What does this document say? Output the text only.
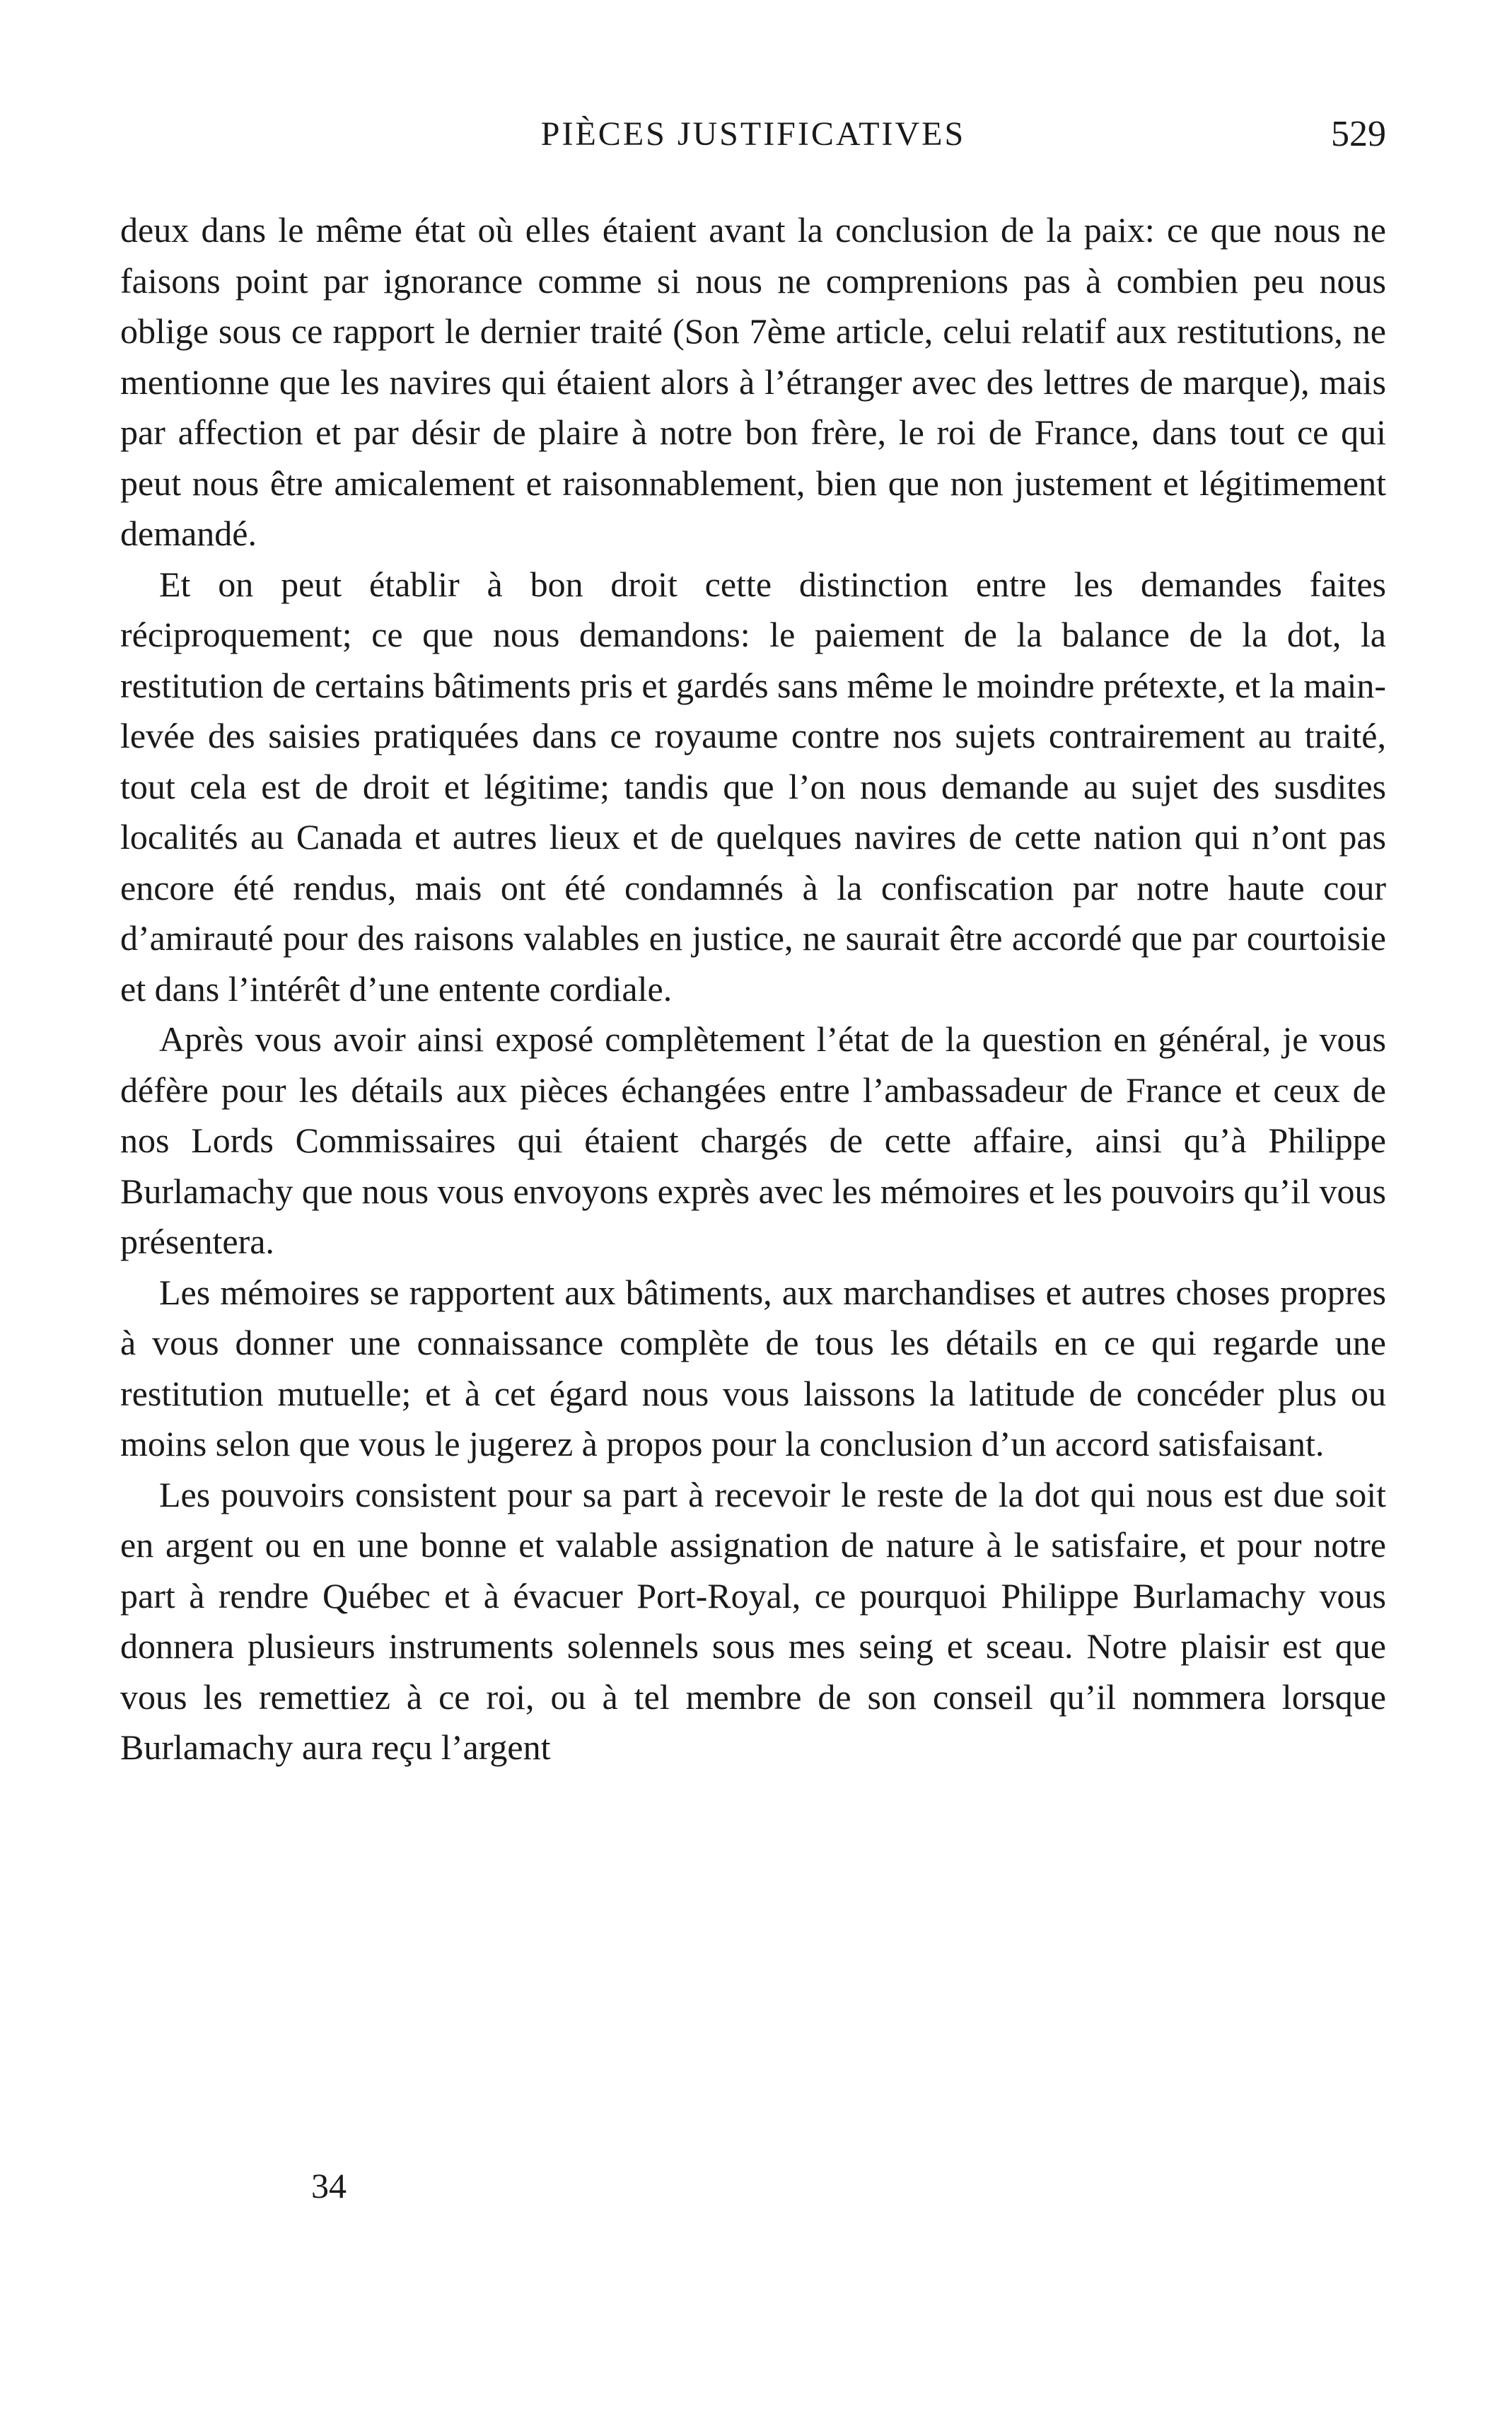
PIÈCES JUSTIFICATIVES	529

deux dans le même état où elles étaient avant la conclusion de la paix: ce que nous ne faisons point par ignorance comme si nous ne comprenions pas à combien peu nous oblige sous ce rapport le dernier traité (Son 7ème article, celui relatif aux restitutions, ne mentionne que les navires qui étaient alors à l’étranger avec des lettres de marque), mais par affection et par désir de plaire à notre bon frère, le roi de France, dans tout ce qui peut nous être amicalement et raisonnablement, bien que non justement et légitimement demandé.

Et on peut établir à bon droit cette distinction entre les demandes faites réciproquement; ce que nous demandons: le paiement de la balance de la dot, la restitution de certains bâtiments pris et gardés sans même le moindre prétexte, et la main-levée des saisies pratiquées dans ce royaume contre nos sujets contrairement au traité, tout cela est de droit et légitime; tandis que l’on nous demande au sujet des susdites localités au Canada et autres lieux et de quelques navires de cette nation qui n’ont pas encore été rendus, mais ont été condamnés à la confiscation par notre haute cour d’amirauté pour des raisons valables en justice, ne saurait être accordé que par courtoisie et dans l’intérêt d’une entente cordiale.

Après vous avoir ainsi exposé complètement l’état de la question en général, je vous défère pour les détails aux pièces échangées entre l’ambassadeur de France et ceux de nos Lords Commissaires qui étaient chargés de cette affaire, ainsi qu’à Philippe Burlamachy que nous vous envoyons exprès avec les mémoires et les pouvoirs qu’il vous présentera.

Les mémoires se rapportent aux bâtiments, aux marchandises et autres choses propres à vous donner une connaissance complète de tous les détails en ce qui regarde une restitution mutuelle; et à cet égard nous vous laissons la latitude de concéder plus ou moins selon que vous le jugerez à propos pour la conclusion d’un accord satisfaisant.

Les pouvoirs consistent pour sa part à recevoir le reste de la dot qui nous est due soit en argent ou en une bonne et valable assignation de nature à le satisfaire, et pour notre part à rendre Québec et à évacuer Port-Royal, ce pourquoi Philippe Burlamachy vous donnera plusieurs instruments solennels sous mes seing et sceau. Notre plaisir est que vous les remettiez à ce roi, ou à tel membre de son conseil qu’il nommera lorsque Burlamachy aura reçu l’argent

34
